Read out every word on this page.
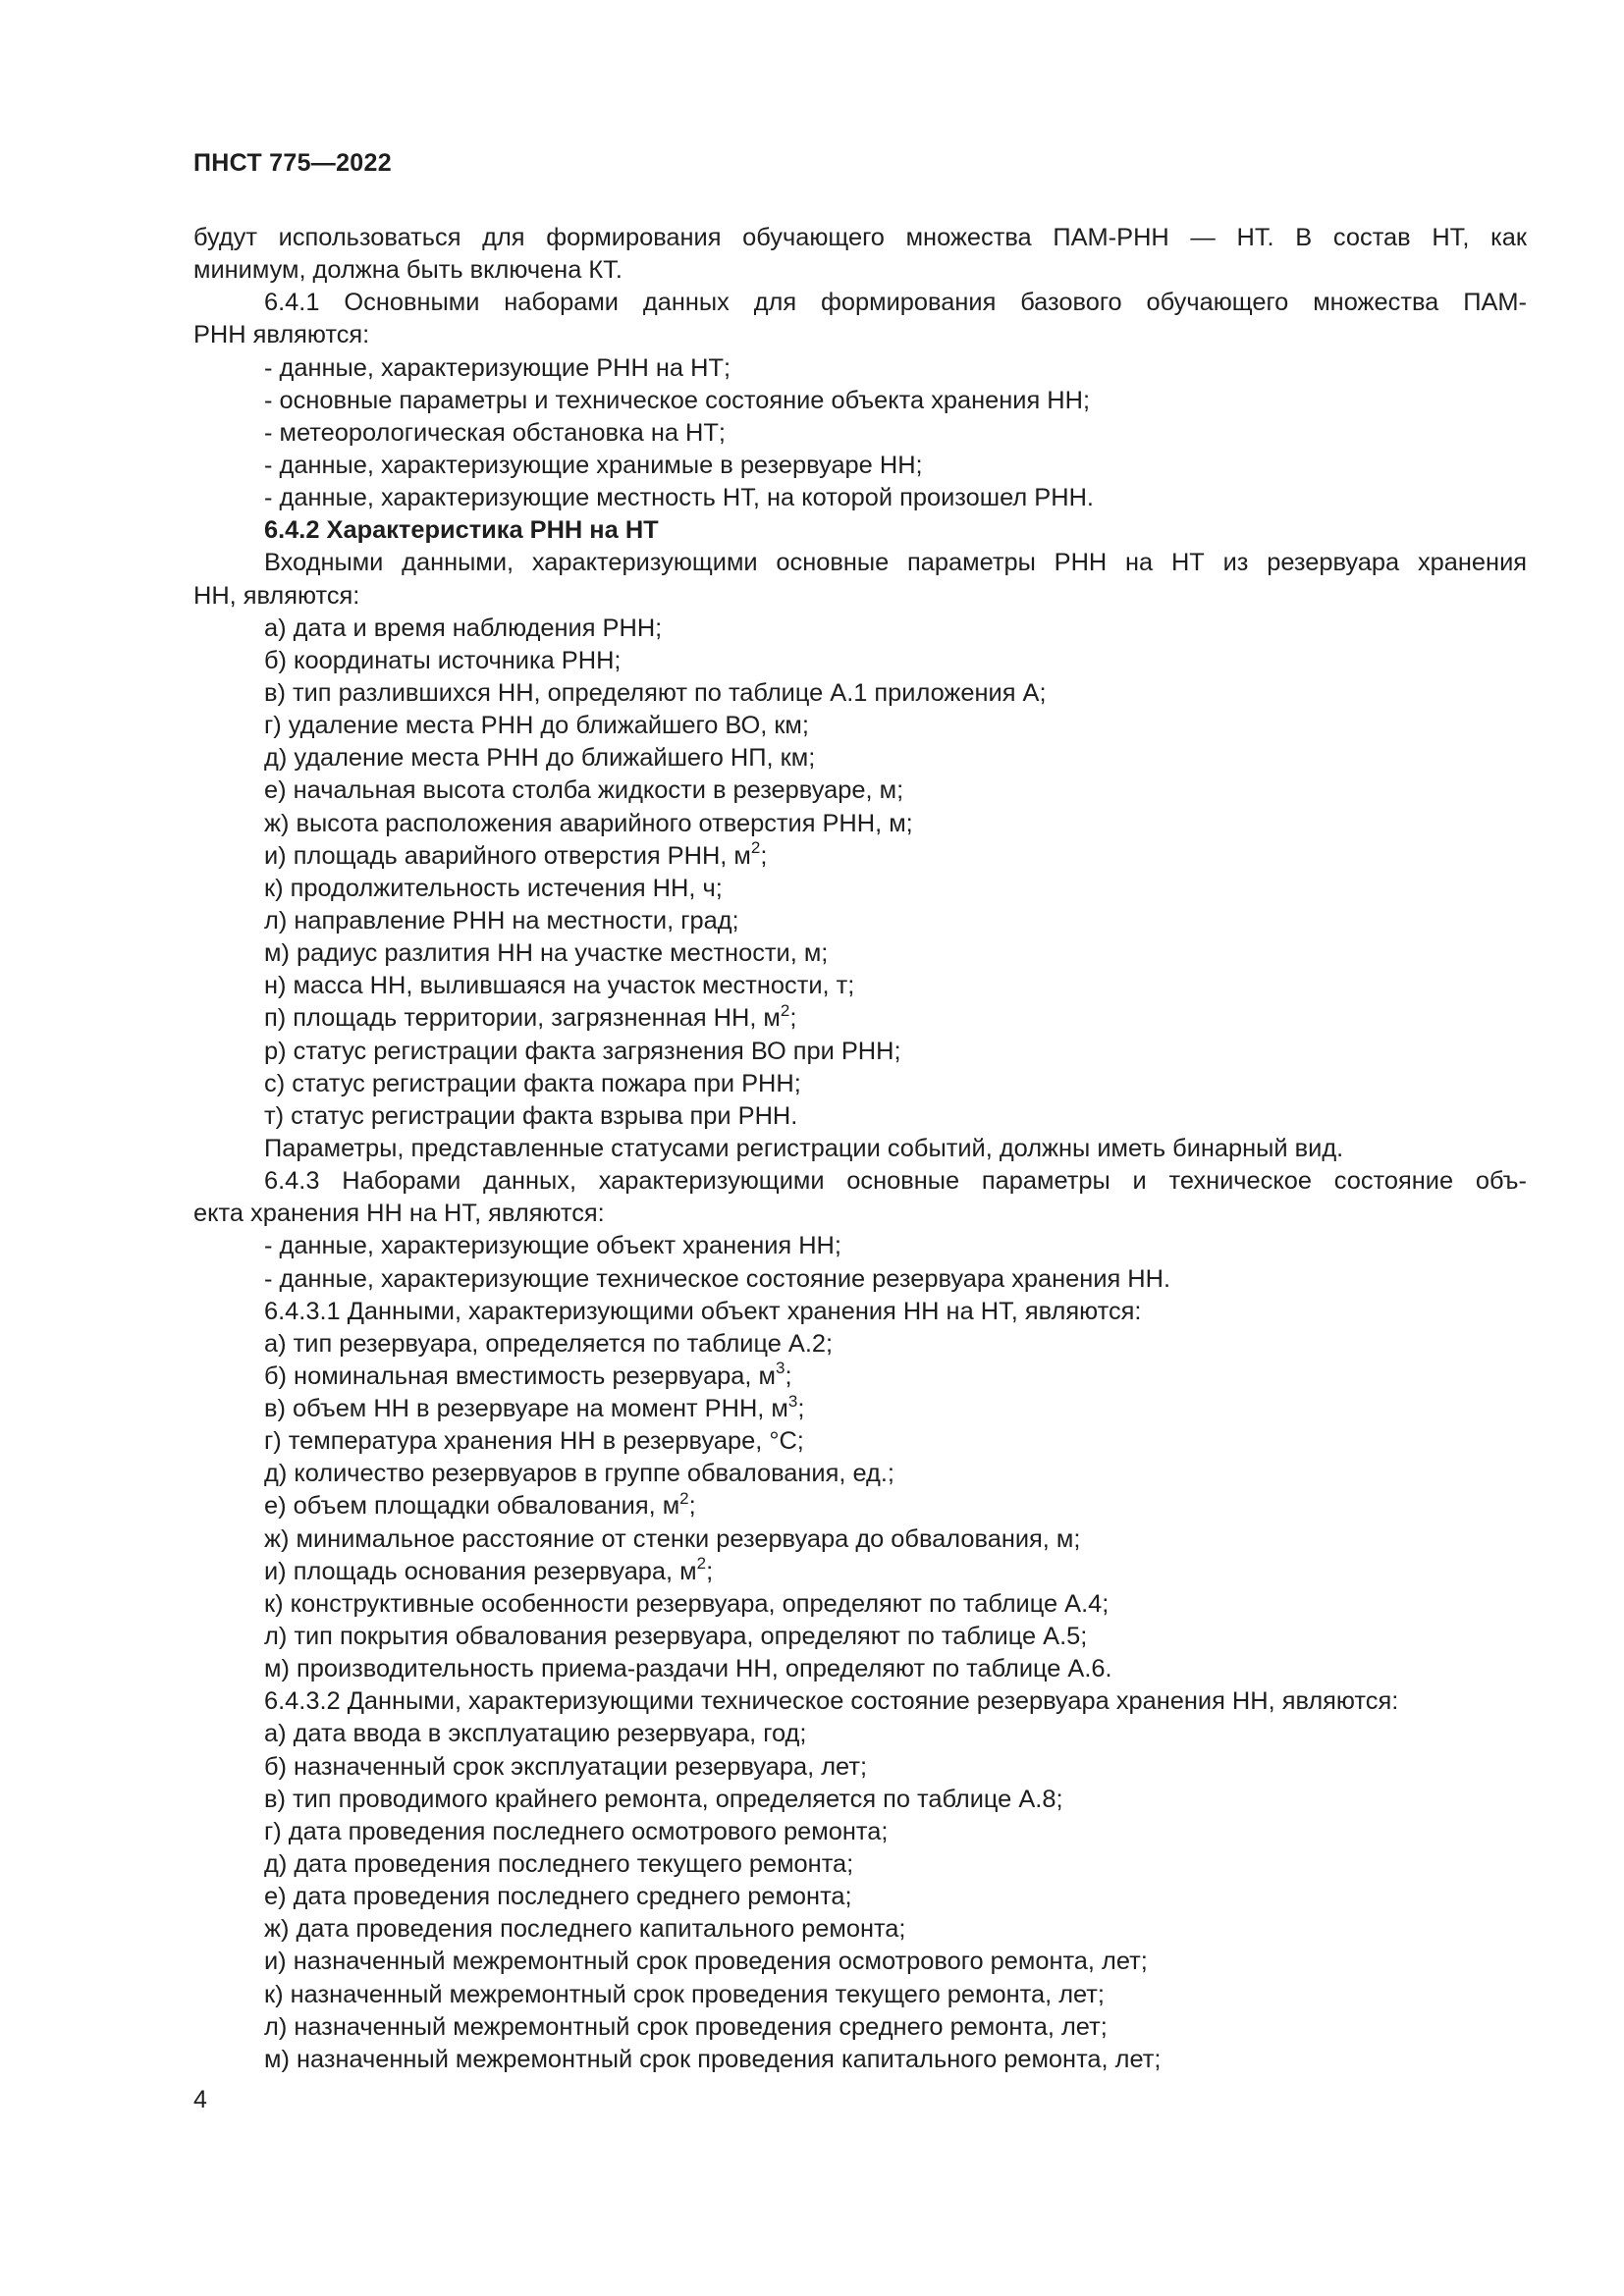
ПНСТ 775—2022
будут использоваться для формирования обучающего множества ПАМ-РНН — НТ. В состав НТ, как
минимум, должна быть включена КТ.
6.4.1 Основными наборами данных для формирования базового обучающего множества ПАМ-
РНН являются:
- данные, характеризующие РНН на НТ;
- основные параметры и техническое состояние объекта хранения НН;
- метеорологическая обстановка на НТ;
- данные, характеризующие хранимые в резервуаре НН;
- данные, характеризующие местность НТ, на которой произошел РНН.
6.4.2 Характеристика РНН на НТ
Входными данными, характеризующими основные параметры РНН на НТ из резервуара хранения
НН, являются:
а) дата и время наблюдения РНН;
б) координаты источника РНН;
в) тип разлившихся НН, определяют по таблице А.1 приложения А;
г) удаление места РНН до ближайшего ВО, км;
д) удаление места РНН до ближайшего НП, км;
е) начальная высота столба жидкости в резервуаре, м;
ж) высота расположения аварийного отверстия РНН, м;
и) площадь аварийного отверстия РНН, $м^2$;
к) продолжительность истечения НН, ч;
л) направление РНН на местности, град;
м) радиус разлития НН на участке местности, м;
н) масса НН, вылившаяся на участок местности, т;
п) площадь территории, загрязненная НН, $м^2$;
р) статус регистрации факта загрязнения ВО при РНН;
с) статус регистрации факта пожара при РНН;
т) статус регистрации факта взрыва при РНН.
Параметры, представленные статусами регистрации событий, должны иметь бинарный вид.
6.4.3 Наборами данных, характеризующими основные параметры и техническое состояние объ-
екта хранения НН на НТ, являются:
- данные, характеризующие объект хранения НН;
- данные, характеризующие техническое состояние резервуара хранения НН.
6.4.3.1 Данными, характеризующими объект хранения НН на НТ, являются:
а) тип резервуара, определяется по таблице А.2;
б) номинальная вместимость резервуара, $м^3$;
в) объем НН в резервуаре на момент РНН, $м^3$;
г) температура хранения НН в резервуаре, °С;
д) количество резервуаров в группе обвалования, ед.;
е) объем площадки обвалования, $м^2$;
ж) минимальное расстояние от стенки резервуара до обвалования, м;
и) площадь основания резервуара, $м^2$;
к) конструктивные особенности резервуара, определяют по таблице А.4;
л) тип покрытия обвалования резервуара, определяют по таблице А.5;
м) производительность приема-раздачи НН, определяют по таблице А.6.
6.4.3.2 Данными, характеризующими техническое состояние резервуара хранения НН, являются:
а) дата ввода в эксплуатацию резервуара, год;
б) назначенный срок эксплуатации резервуара, лет;
в) тип проводимого крайнего ремонта, определяется по таблице А.8;
г) дата проведения последнего осмотрового ремонта;
д) дата проведения последнего текущего ремонта;
е) дата проведения последнего среднего ремонта;
ж) дата проведения последнего капитального ремонта;
и) назначенный межремонтный срок проведения осмотрового ремонта, лет;
к) назначенный межремонтный срок проведения текущего ремонта, лет;
л) назначенный межремонтный срок проведения среднего ремонта, лет;
м) назначенный межремонтный срок проведения капитального ремонта, лет;
4
